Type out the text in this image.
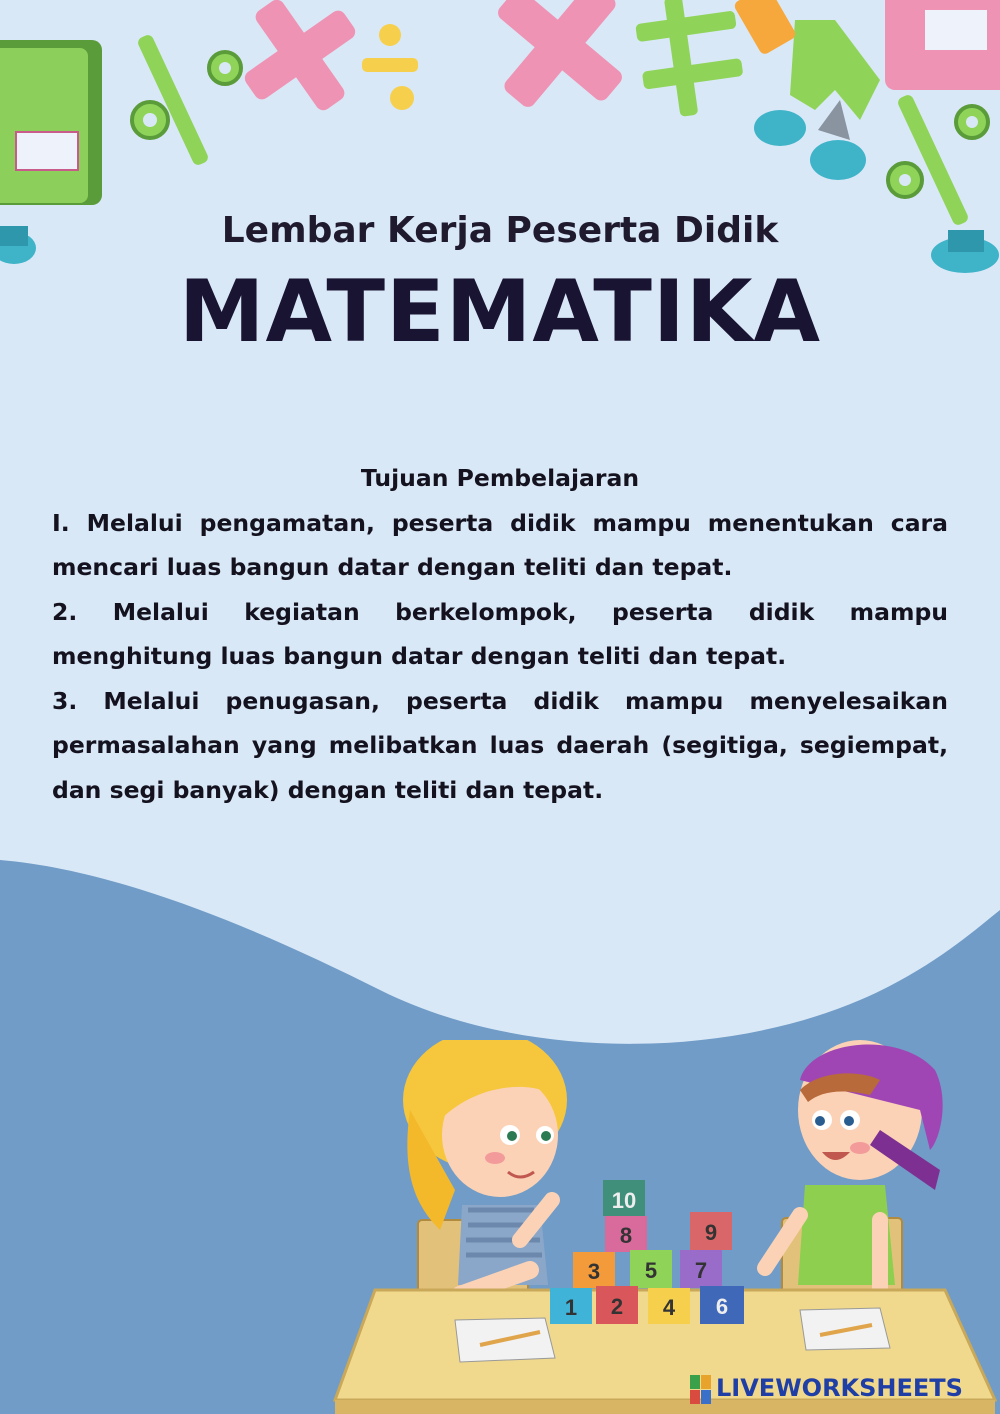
Lembar Kerja Peserta Didik
MATEMATIKA
Tujuan Pembelajaran

I. Melalui pengamatan, peserta didik mampu menentukan cara mencari luas bangun datar dengan teliti dan tepat.

2. Melalui kegiatan berkelompok, peserta didik mampu menghitung luas bangun datar dengan teliti dan tepat.

3. Melalui penugasan, peserta didik mampu menyelesaikan permasalahan yang melibatkan luas daerah (segitiga, segiempat, dan segi banyak) dengan teliti dan tepat.

10
8	9
3 5 7
1 2 4 6
LIVEWORKSHEETS
